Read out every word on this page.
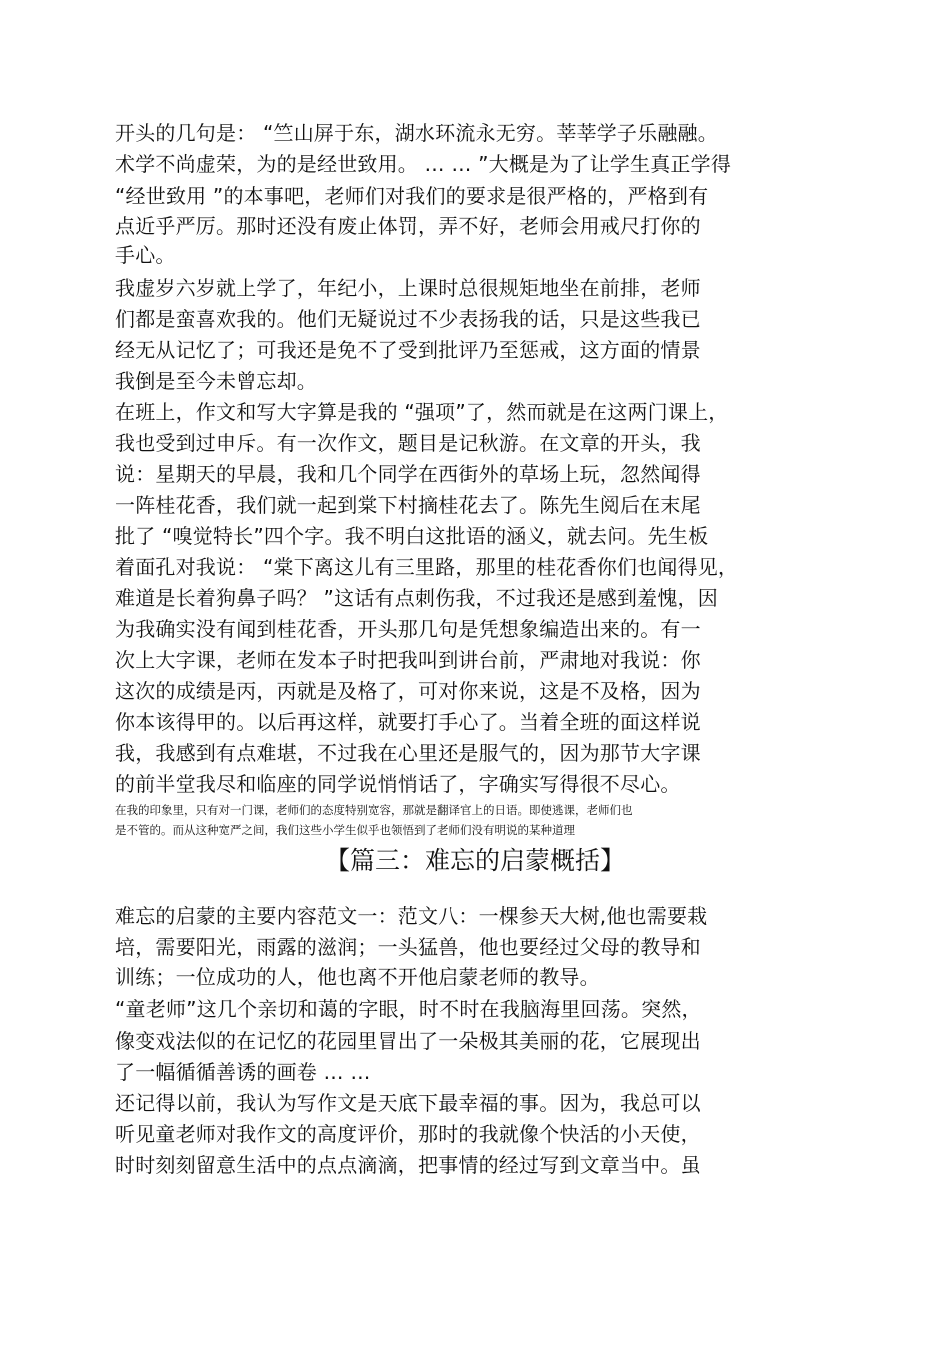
开头的几句是： “竺山屏于东，湖水环流永无穷。莘莘学子乐融融。
术学不尚虚荣，为的是经世致用。 … … ”大概是为了让学生真正学得
“经世致用 ”的本事吧，老师们对我们的要求是很严格的，严格到有
点近乎严厉。那时还没有废止体罚，弄不好，老师会用戒尺打你的
手心。
我虚岁六岁就上学了，年纪小，上课时总很规矩地坐在前排，老师
们都是蛮喜欢我的。他们无疑说过不少表扬我的话，只是这些我已
经无从记忆了；可我还是免不了受到批评乃至惩戒，这方面的情景
我倒是至今未曾忘却。
在班上，作文和写大字算是我的 “强项”了，然而就是在这两门课上，
我也受到过申斥。有一次作文，题目是记秋游。在文章的开头，我
说：星期天的早晨，我和几个同学在西街外的草场上玩，忽然闻得
一阵桂花香，我们就一起到棠下村摘桂花去了。陈先生阅后在末尾
批了 “嗅觉特长”四个字。我不明白这批语的涵义，就去问。先生板
着面孔对我说： “棠下离这儿有三里路，那里的桂花香你们也闻得见，
难道是长着狗鼻子吗？ ”这话有点刺伤我，不过我还是感到羞愧，因
为我确实没有闻到桂花香，开头那几句是凭想象编造出来的。有一
次上大字课，老师在发本子时把我叫到讲台前，严肃地对我说：你
这次的成绩是丙，丙就是及格了，可对你来说，这是不及格，因为
你本该得甲的。以后再这样，就要打手心了。当着全班的面这样说
我，我感到有点难堪，不过我在心里还是服气的，因为那节大字课
的前半堂我尽和临座的同学说悄悄话了，字确实写得很不尽心。
在我的印象里，只有对一门课，老师们的态度特别宽容，那就是翻译官上的日语。即使逃课，老师们也
是不管的。而从这种宽严之间，我们这些小学生似乎也领悟到了老师们没有明说的某种道理
【篇三：难忘的启蒙概括】
难忘的启蒙的主要内容范文一：范文八：一棵参天大树,他也需要栽
培，需要阳光，雨露的滋润；一头猛兽，他也要经过父母的教导和
训练；一位成功的人，他也离不开他启蒙老师的教导。
“童老师”这几个亲切和蔼的字眼，时不时在我脑海里回荡。突然，
像变戏法似的在记忆的花园里冒出了一朵极其美丽的花，它展现出
了一幅循循善诱的画卷 … …
还记得以前，我认为写作文是天底下最幸福的事。因为，我总可以
听见童老师对我作文的高度评价，那时的我就像个快活的小天使，
时时刻刻留意生活中的点点滴滴，把事情的经过写到文章当中。虽
